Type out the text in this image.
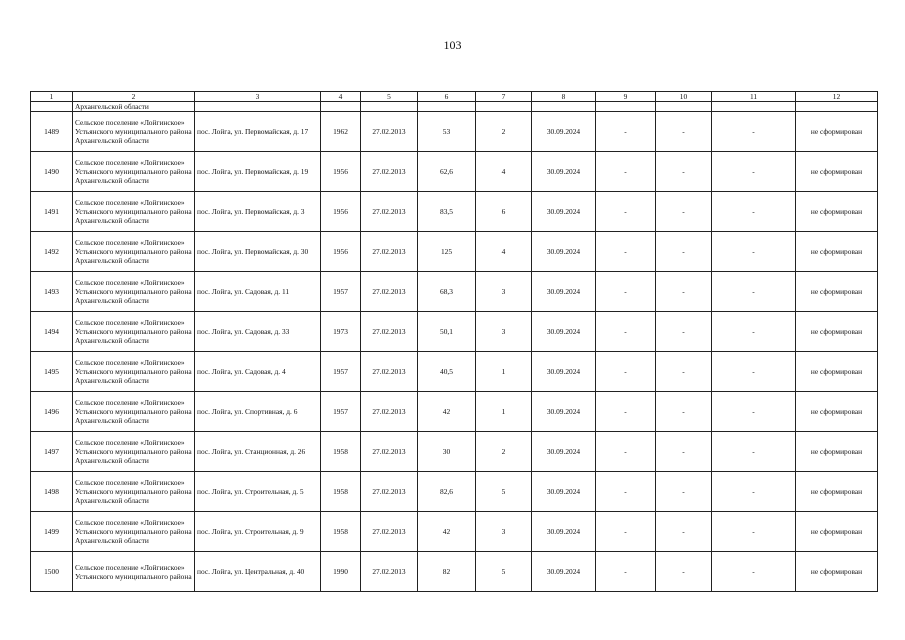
103
1	2	3	4	5	6	7	8	9	10	11	12
	Архангельской области										
1489	Сельское поселение «Лойгинское» Устьянского муниципального района Архангельской области	пос. Лойга, ул. Первомайская, д. 17	1962	27.02.2013	53	2	30.09.2024	-	-	-	не сформирован
1490	Сельское поселение «Лойгинское» Устьянского муниципального района Архангельской области	пос. Лойга, ул. Первомайская, д. 19	1956	27.02.2013	62,6	4	30.09.2024	-	-	-	не сформирован
1491	Сельское поселение «Лойгинское» Устьянского муниципального района Архангельской области	пос. Лойга, ул. Первомайская, д. 3	1956	27.02.2013	83,5	6	30.09.2024	-	-	-	не сформирован
1492	Сельское поселение «Лойгинское» Устьянского муниципального района Архангельской области	пос. Лойга, ул. Первомайская, д. 30	1956	27.02.2013	125	4	30.09.2024	-	-	-	не сформирован
1493	Сельское поселение «Лойгинское» Устьянского муниципального района Архангельской области	пос. Лойга, ул. Садовая, д. 11	1957	27.02.2013	68,3	3	30.09.2024	-	-	-	не сформирован
1494	Сельское поселение «Лойгинское» Устьянского муниципального района Архангельской области	пос. Лойга, ул. Садовая, д. 33	1973	27.02.2013	50,1	3	30.09.2024	-	-	-	не сформирован
1495	Сельское поселение «Лойгинское» Устьянского муниципального района Архангельской области	пос. Лойга, ул. Садовая, д. 4	1957	27.02.2013	40,5	1	30.09.2024	-	-	-	не сформирован
1496	Сельское поселение «Лойгинское» Устьянского муниципального района Архангельской области	пос. Лойга, ул. Спортивная, д. 6	1957	27.02.2013	42	1	30.09.2024	-	-	-	не сформирован
1497	Сельское поселение «Лойгинское» Устьянского муниципального района Архангельской области	пос. Лойга, ул. Станционная, д. 26	1958	27.02.2013	30	2	30.09.2024	-	-	-	не сформирован
1498	Сельское поселение «Лойгинское» Устьянского муниципального района Архангельской области	пос. Лойга, ул. Строительная, д. 5	1958	27.02.2013	82,6	5	30.09.2024	-	-	-	не сформирован
1499	Сельское поселение «Лойгинское» Устьянского муниципального района Архангельской области	пос. Лойга, ул. Строительная, д. 9	1958	27.02.2013	42	3	30.09.2024	-	-	-	не сформирован
1500	Сельское поселение «Лойгинское» Устьянского муниципального района	пос. Лойга, ул. Центральная, д. 40	1990	27.02.2013	82	5	30.09.2024	-	-	-	не сформирован
